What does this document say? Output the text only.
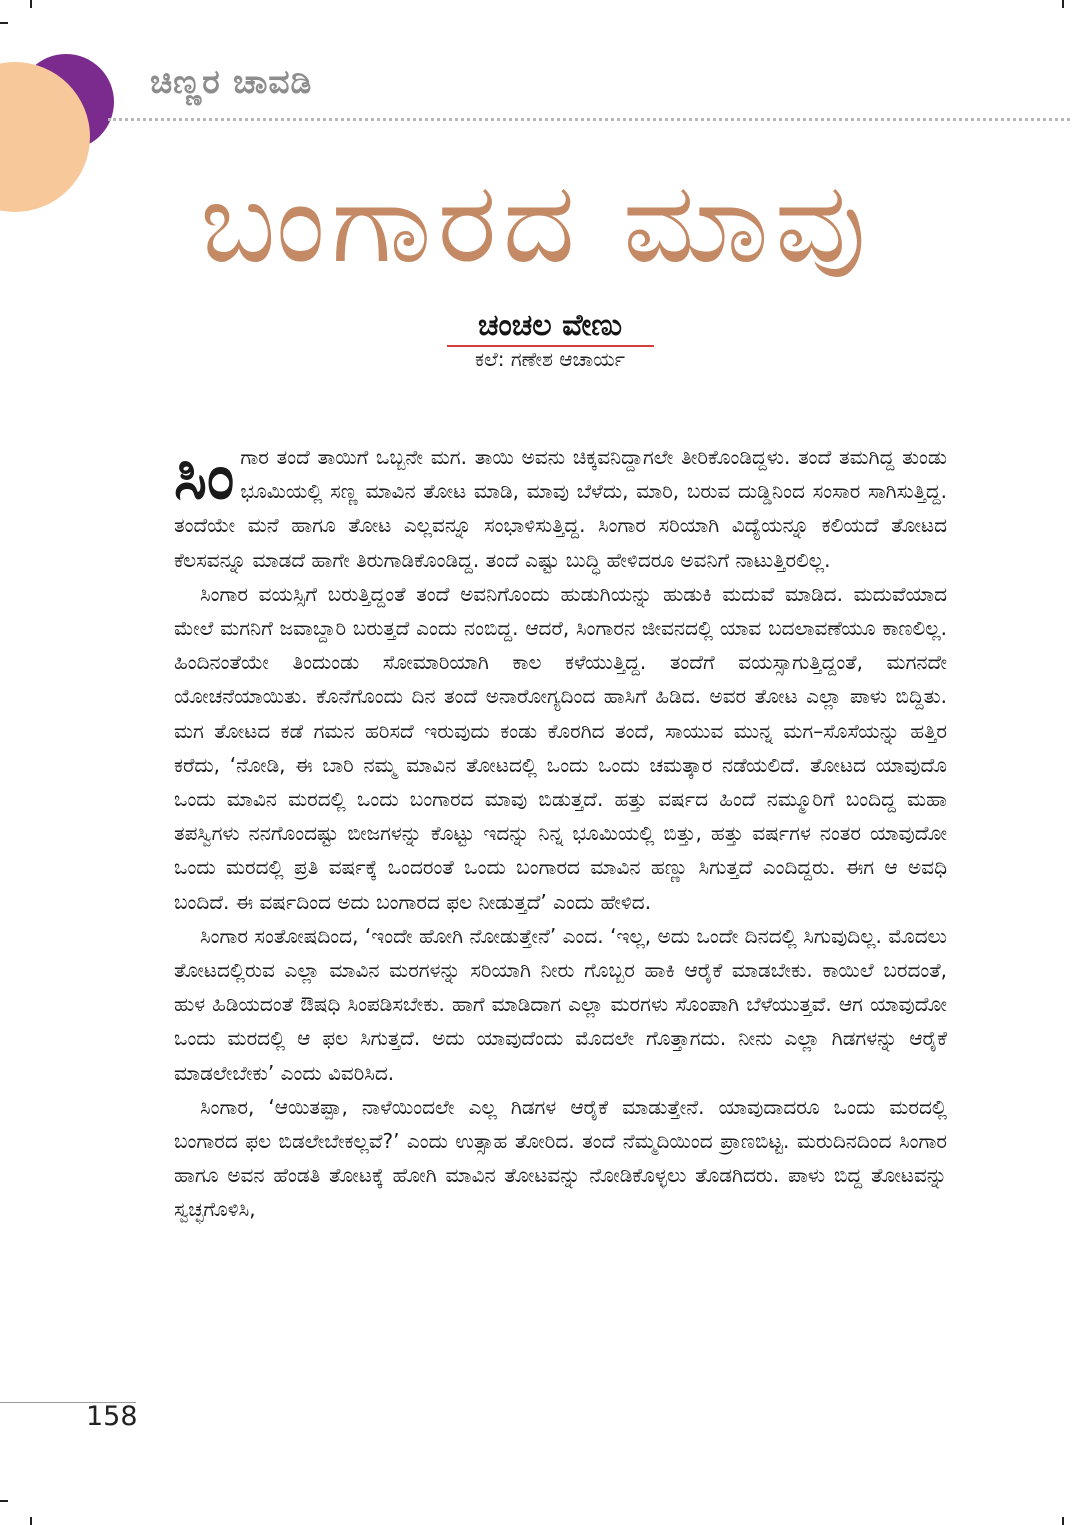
ಚಿಣ್ಣರ ಚಾವಡಿ
ಬಂಗಾರದ ಮಾವು
ಚಂಚಲ ವೇಣು
ಕಲೆ: ಗಣೇಶ ಆಚಾರ್ಯ

ಸಿಂಗಾರ ತಂದೆ ತಾಯಿಗೆ ಒಬ್ಬನೇ ಮಗ. ತಾಯಿ ಅವನು ಚಿಕ್ಕವನಿದ್ದಾಗಲೇ ತೀರಿಕೊಂಡಿದ್ದಳು. ತಂದೆ ತಮಗಿದ್ದ ತುಂಡು ಭೂಮಿಯಲ್ಲಿ ಸಣ್ಣ ಮಾವಿನ ತೋಟ ಮಾಡಿ, ಮಾವು ಬೆಳೆದು, ಮಾರಿ, ಬರುವ ದುಡ್ಡಿನಿಂದ ಸಂಸಾರ ಸಾಗಿಸುತ್ತಿದ್ದ. ತಂದೆಯೇ ಮನೆ ಹಾಗೂ ತೋಟ ಎಲ್ಲವನ್ನೂ ಸಂಭಾಳಿಸುತ್ತಿದ್ದ. ಸಿಂಗಾರ ಸರಿಯಾಗಿ ವಿದ್ಯೆಯನ್ನೂ ಕಲಿಯದೆ ತೋಟದ ಕೆಲಸವನ್ನೂ ಮಾಡದೆ ಹಾಗೇ ತಿರುಗಾಡಿಕೊಂಡಿದ್ದ. ತಂದೆ ಎಷ್ಟು ಬುದ್ಧಿ ಹೇಳಿದರೂ ಅವನಿಗೆ ನಾಟುತ್ತಿರಲಿಲ್ಲ.

ಸಿಂಗಾರ ವಯಸ್ಸಿಗೆ ಬರುತ್ತಿದ್ದಂತೆ ತಂದೆ ಅವನಿಗೊಂದು ಹುಡುಗಿಯನ್ನು ಹುಡುಕಿ ಮದುವೆ ಮಾಡಿದ. ಮದುವೆಯಾದ ಮೇಲೆ ಮಗನಿಗೆ ಜವಾಬ್ದಾರಿ ಬರುತ್ತದೆ ಎಂದು ನಂಬಿದ್ದ. ಆದರೆ, ಸಿಂಗಾರನ ಜೀವನದಲ್ಲಿ ಯಾವ ಬದಲಾವಣೆಯೂ ಕಾಣಲಿಲ್ಲ. ಹಿಂದಿನಂತೆಯೇ ತಿಂದುಂಡು ಸೋಮಾರಿಯಾಗಿ ಕಾಲ ಕಳೆಯುತ್ತಿದ್ದ. ತಂದೆಗೆ ವಯಸ್ಸಾಗುತ್ತಿದ್ದಂತೆ, ಮಗನದೇ ಯೋಚನೆಯಾಯಿತು. ಕೊನೆಗೊಂದು ದಿನ ತಂದೆ ಅನಾರೋಗ್ಯದಿಂದ ಹಾಸಿಗೆ ಹಿಡಿದ. ಅವರ ತೋಟ ಎಲ್ಲಾ ಪಾಳು ಬಿದ್ದಿತು. ಮಗ ತೋಟದ ಕಡೆ ಗಮನ ಹರಿಸದೆ ಇರುವುದು ಕಂಡು ಕೊರಗಿದ ತಂದೆ, ಸಾಯುವ ಮುನ್ನ ಮಗ–ಸೊಸೆಯನ್ನು ಹತ್ತಿರ ಕರೆದು, ‘ನೋಡಿ, ಈ ಬಾರಿ ನಮ್ಮ ಮಾವಿನ ತೋಟದಲ್ಲಿ ಒಂದು ಒಂದು ಚಮತ್ಕಾರ ನಡೆಯಲಿದೆ. ತೋಟದ ಯಾವುದೊ ಒಂದು ಮಾವಿನ ಮರದಲ್ಲಿ ಒಂದು ಬಂಗಾರದ ಮಾವು ಬಿಡುತ್ತದೆ. ಹತ್ತು ವರ್ಷದ ಹಿಂದೆ ನಮ್ಮೂರಿಗೆ ಬಂದಿದ್ದ ಮಹಾ ತಪಸ್ವಿಗಳು ನನಗೊಂದಷ್ಟು ಬೀಜಗಳನ್ನು ಕೊಟ್ಟು ಇದನ್ನು ನಿನ್ನ ಭೂಮಿಯಲ್ಲಿ ಬಿತ್ತು, ಹತ್ತು ವರ್ಷಗಳ ನಂತರ ಯಾವುದೋ ಒಂದು ಮರದಲ್ಲಿ ಪ್ರತಿ ವರ್ಷಕ್ಕೆ ಒಂದರಂತೆ ಒಂದು ಬಂಗಾರದ ಮಾವಿನ ಹಣ್ಣು ಸಿಗುತ್ತದೆ ಎಂದಿದ್ದರು. ಈಗ ಆ ಅವಧಿ ಬಂದಿದೆ. ಈ ವರ್ಷದಿಂದ ಅದು ಬಂಗಾರದ ಫಲ ನೀಡುತ್ತದೆ’ ಎಂದು ಹೇಳಿದ.

ಸಿಂಗಾರ ಸಂತೋಷದಿಂದ, ‘ಇಂದೇ ಹೋಗಿ ನೋಡುತ್ತೇನೆ’ ಎಂದ. ‘ಇಲ್ಲ, ಅದು ಒಂದೇ ದಿನದಲ್ಲಿ ಸಿಗುವುದಿಲ್ಲ. ಮೊದಲು ತೋಟದಲ್ಲಿರುವ ಎಲ್ಲಾ ಮಾವಿನ ಮರಗಳನ್ನು ಸರಿಯಾಗಿ ನೀರು ಗೊಬ್ಬರ ಹಾಕಿ ಆರೈಕೆ ಮಾಡಬೇಕು. ಕಾಯಿಲೆ ಬರದಂತೆ, ಹುಳ ಹಿಡಿಯದಂತೆ ಔಷಧಿ ಸಿಂಪಡಿಸಬೇಕು. ಹಾಗೆ ಮಾಡಿದಾಗ ಎಲ್ಲಾ ಮರಗಳು ಸೊಂಪಾಗಿ ಬೆಳೆಯುತ್ತವೆ. ಆಗ ಯಾವುದೋ ಒಂದು ಮರದಲ್ಲಿ ಆ ಫಲ ಸಿಗುತ್ತದೆ. ಅದು ಯಾವುದೆಂದು ಮೊದಲೇ ಗೊತ್ತಾಗದು. ನೀನು ಎಲ್ಲಾ ಗಿಡಗಳನ್ನು ಆರೈಕೆ ಮಾಡಲೇಬೇಕು’ ಎಂದು ವಿವರಿಸಿದ.

ಸಿಂಗಾರ, ‘ಆಯಿತಪ್ಪಾ, ನಾಳೆಯಿಂದಲೇ ಎಲ್ಲ ಗಿಡಗಳ ಆರೈಕೆ ಮಾಡುತ್ತೇನೆ. ಯಾವುದಾದರೂ ಒಂದು ಮರದಲ್ಲಿ ಬಂಗಾರದ ಫಲ ಬಿಡಲೇಬೇಕಲ್ಲವೆ?’ ಎಂದು ಉತ್ಸಾಹ ತೋರಿದ. ತಂದೆ ನೆಮ್ಮದಿಯಿಂದ ಪ್ರಾಣಬಿಟ್ಟ. ಮರುದಿನದಿಂದ ಸಿಂಗಾರ ಹಾಗೂ ಅವನ ಹೆಂಡತಿ ತೋಟಕ್ಕೆ ಹೋಗಿ ಮಾವಿನ ತೋಟವನ್ನು ನೋಡಿಕೊಳ್ಳಲು ತೊಡಗಿದರು. ಪಾಳು ಬಿದ್ದ ತೋಟವನ್ನು ಸ್ವಚ್ಛಗೊಳಿಸಿ,

158
